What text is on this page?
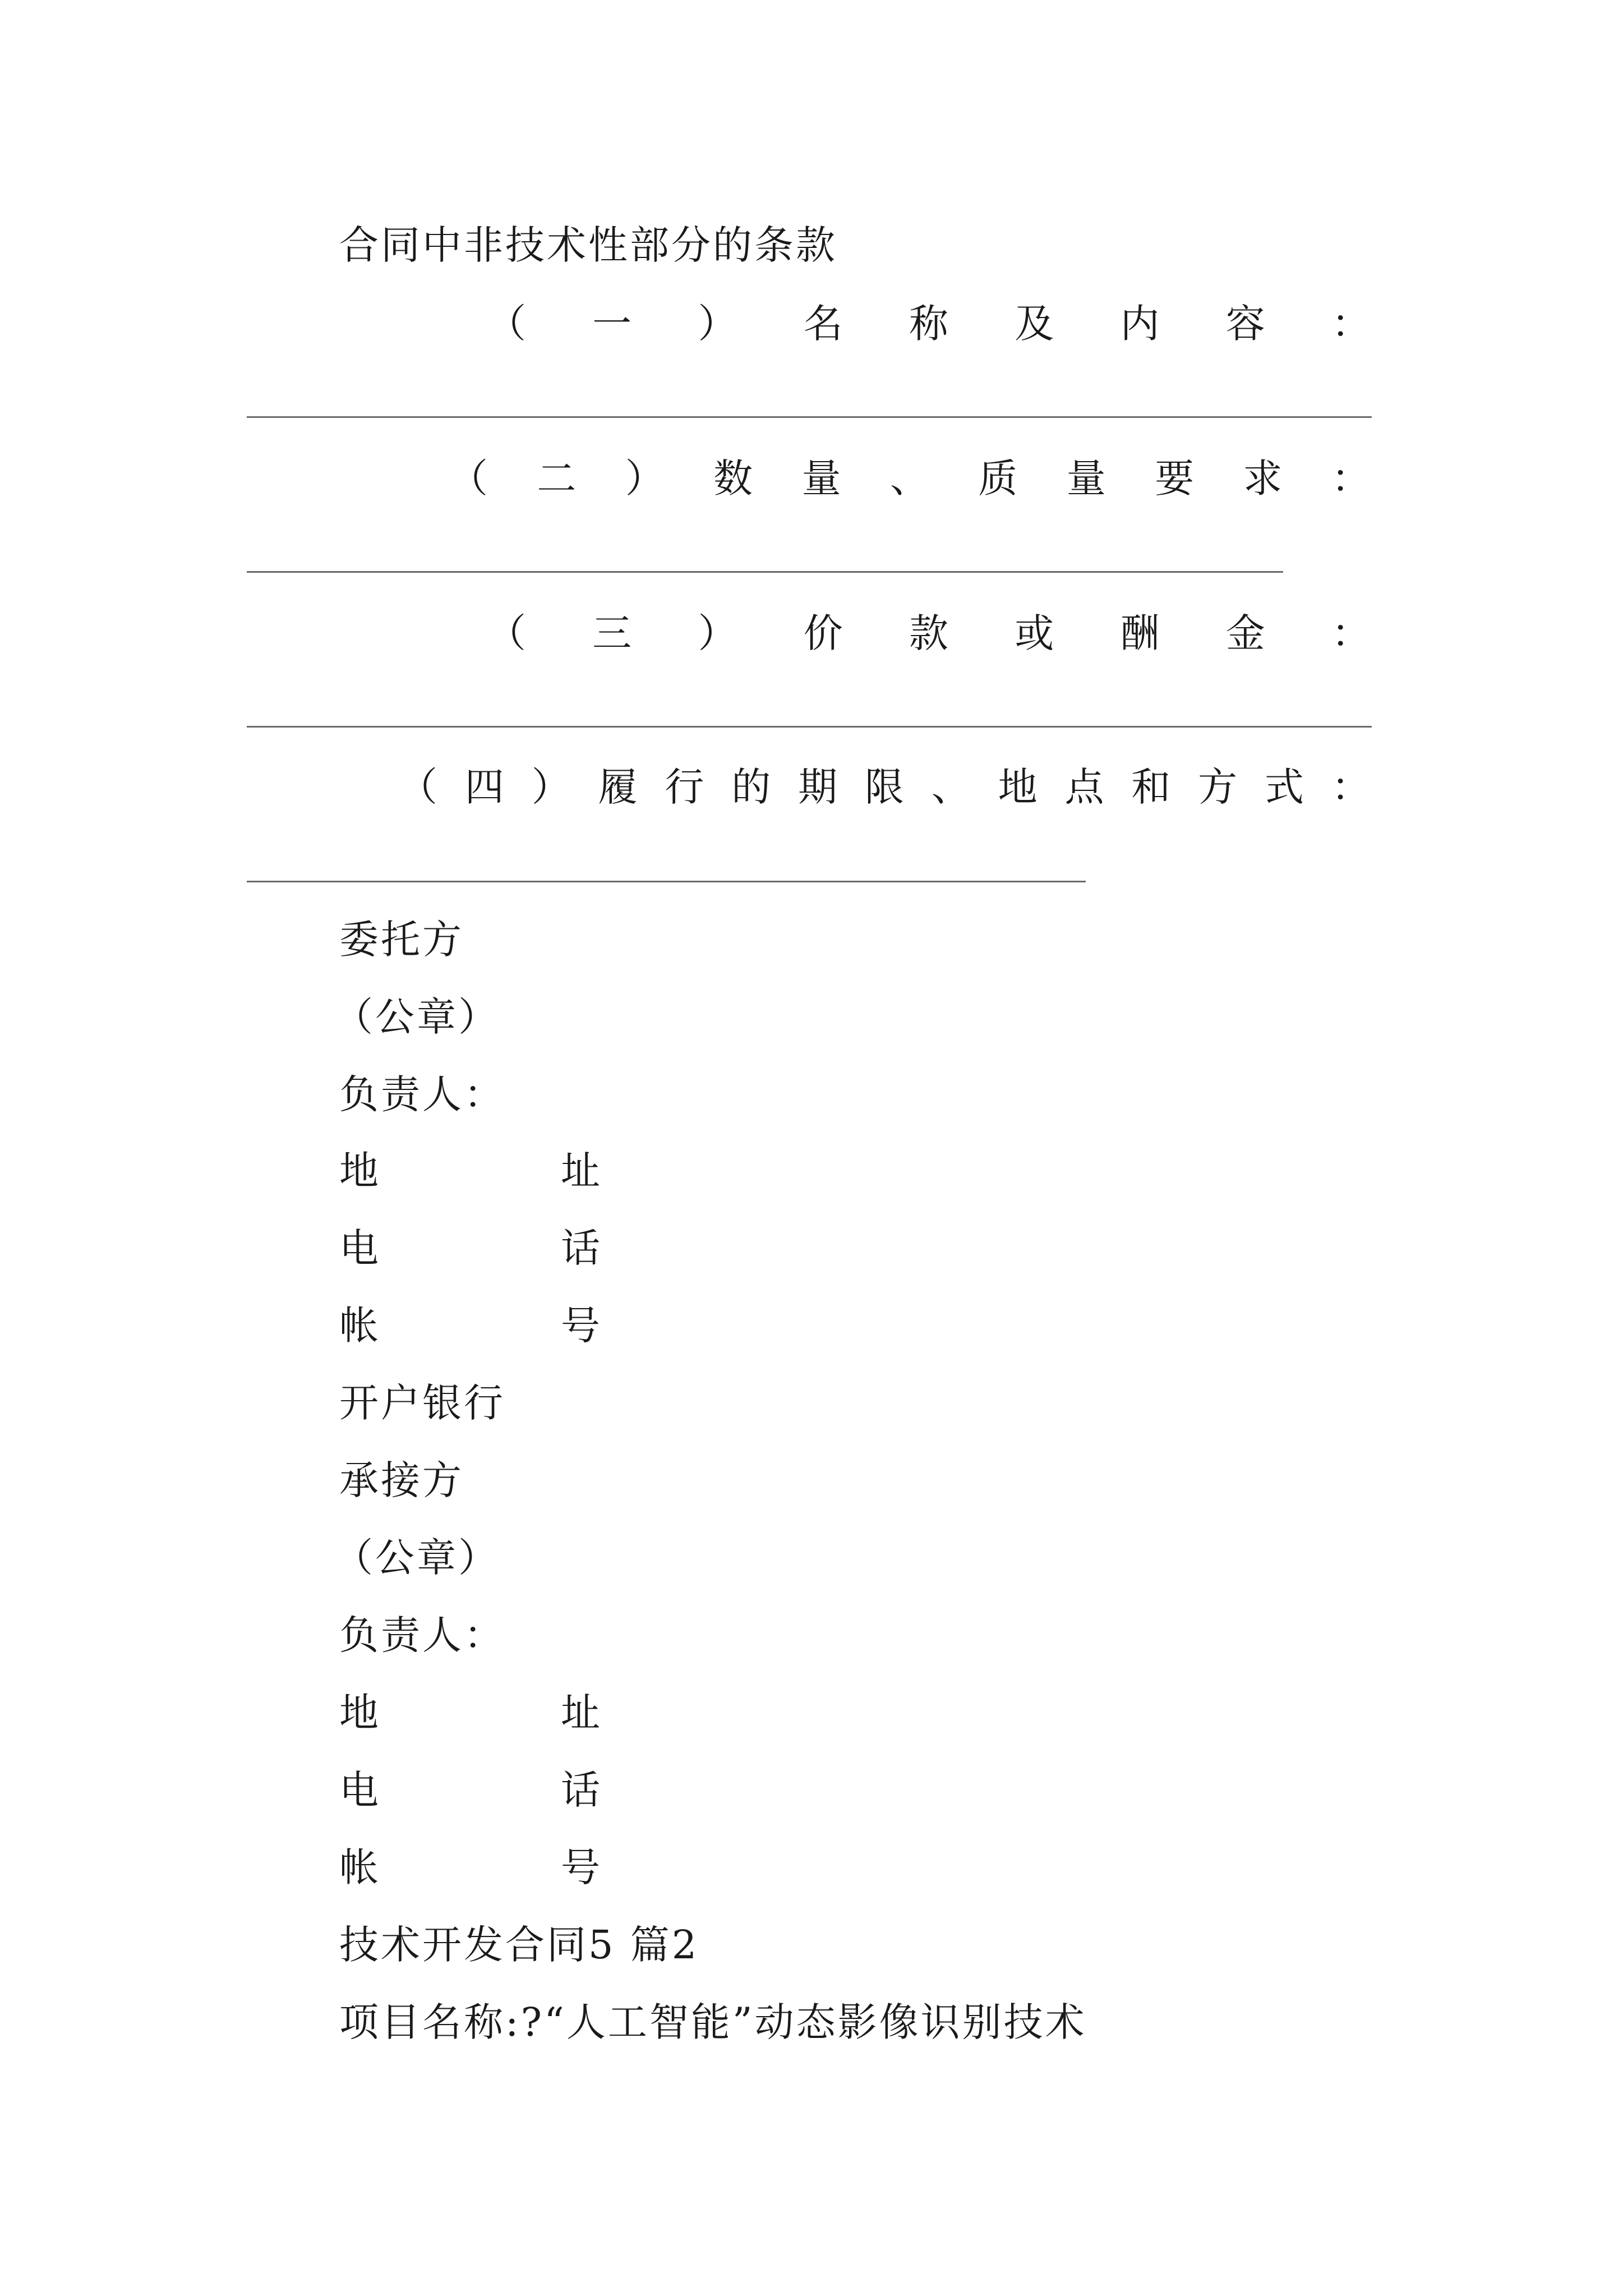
合同中非技术性部分的条款
（ 一 ） 名 称 及 内 容 ：
（ 二 ） 数 量 、 质 量 要 求 ：
（ 三 ） 价 款 或 酬 金 ：
（ 四 ） 履 行 的 期 限 、 地 点 和 方 式 ：
委托方
（公章）
负责人：
地	址
电	话
帐	号
开户银行
承接方
（公章）
负责人：
地	址
电	话
帐	号
技术开发合同5 篇2
项目名称:?“人工智能”动态影像识别技术
